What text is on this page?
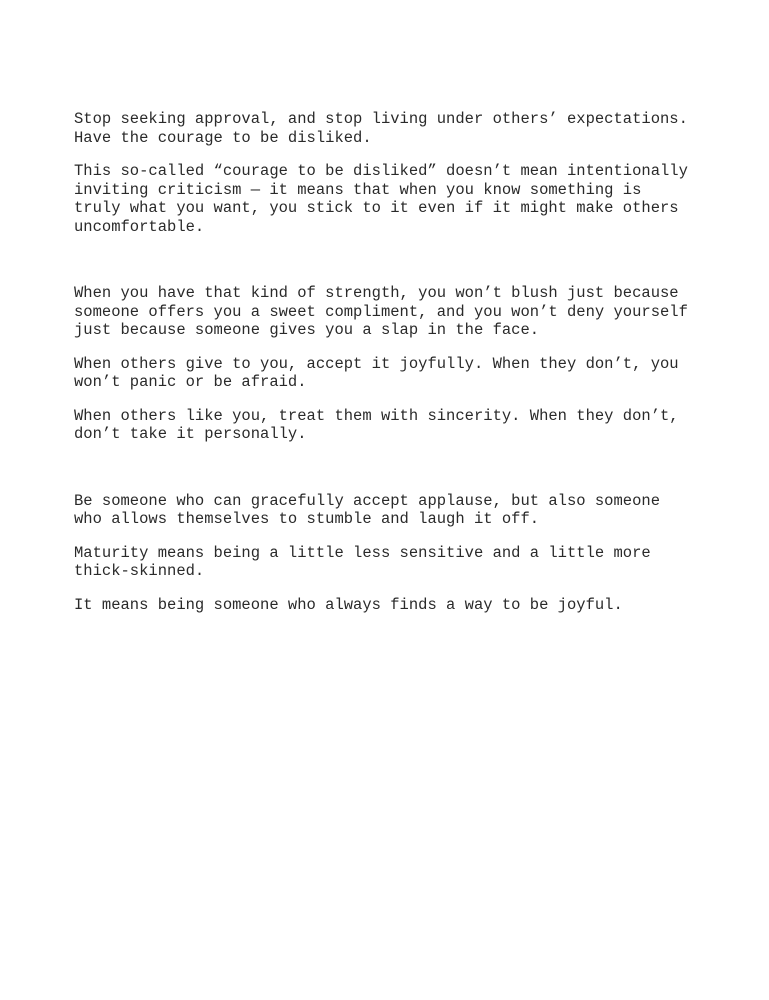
Stop seeking approval, and stop living under others’ expectations.
Have the courage to be disliked.

This so-called “courage to be disliked” doesn’t mean intentionally
inviting criticism — it means that when you know something is
truly what you want, you stick to it even if it might make others
uncomfortable.

When you have that kind of strength, you won’t blush just because
someone offers you a sweet compliment, and you won’t deny yourself
just because someone gives you a slap in the face.

When others give to you, accept it joyfully. When they don’t, you
won’t panic or be afraid.

When others like you, treat them with sincerity. When they don’t,
don’t take it personally.

Be someone who can gracefully accept applause, but also someone
who allows themselves to stumble and laugh it off.

Maturity means being a little less sensitive and a little more
thick-skinned.

It means being someone who always finds a way to be joyful.
